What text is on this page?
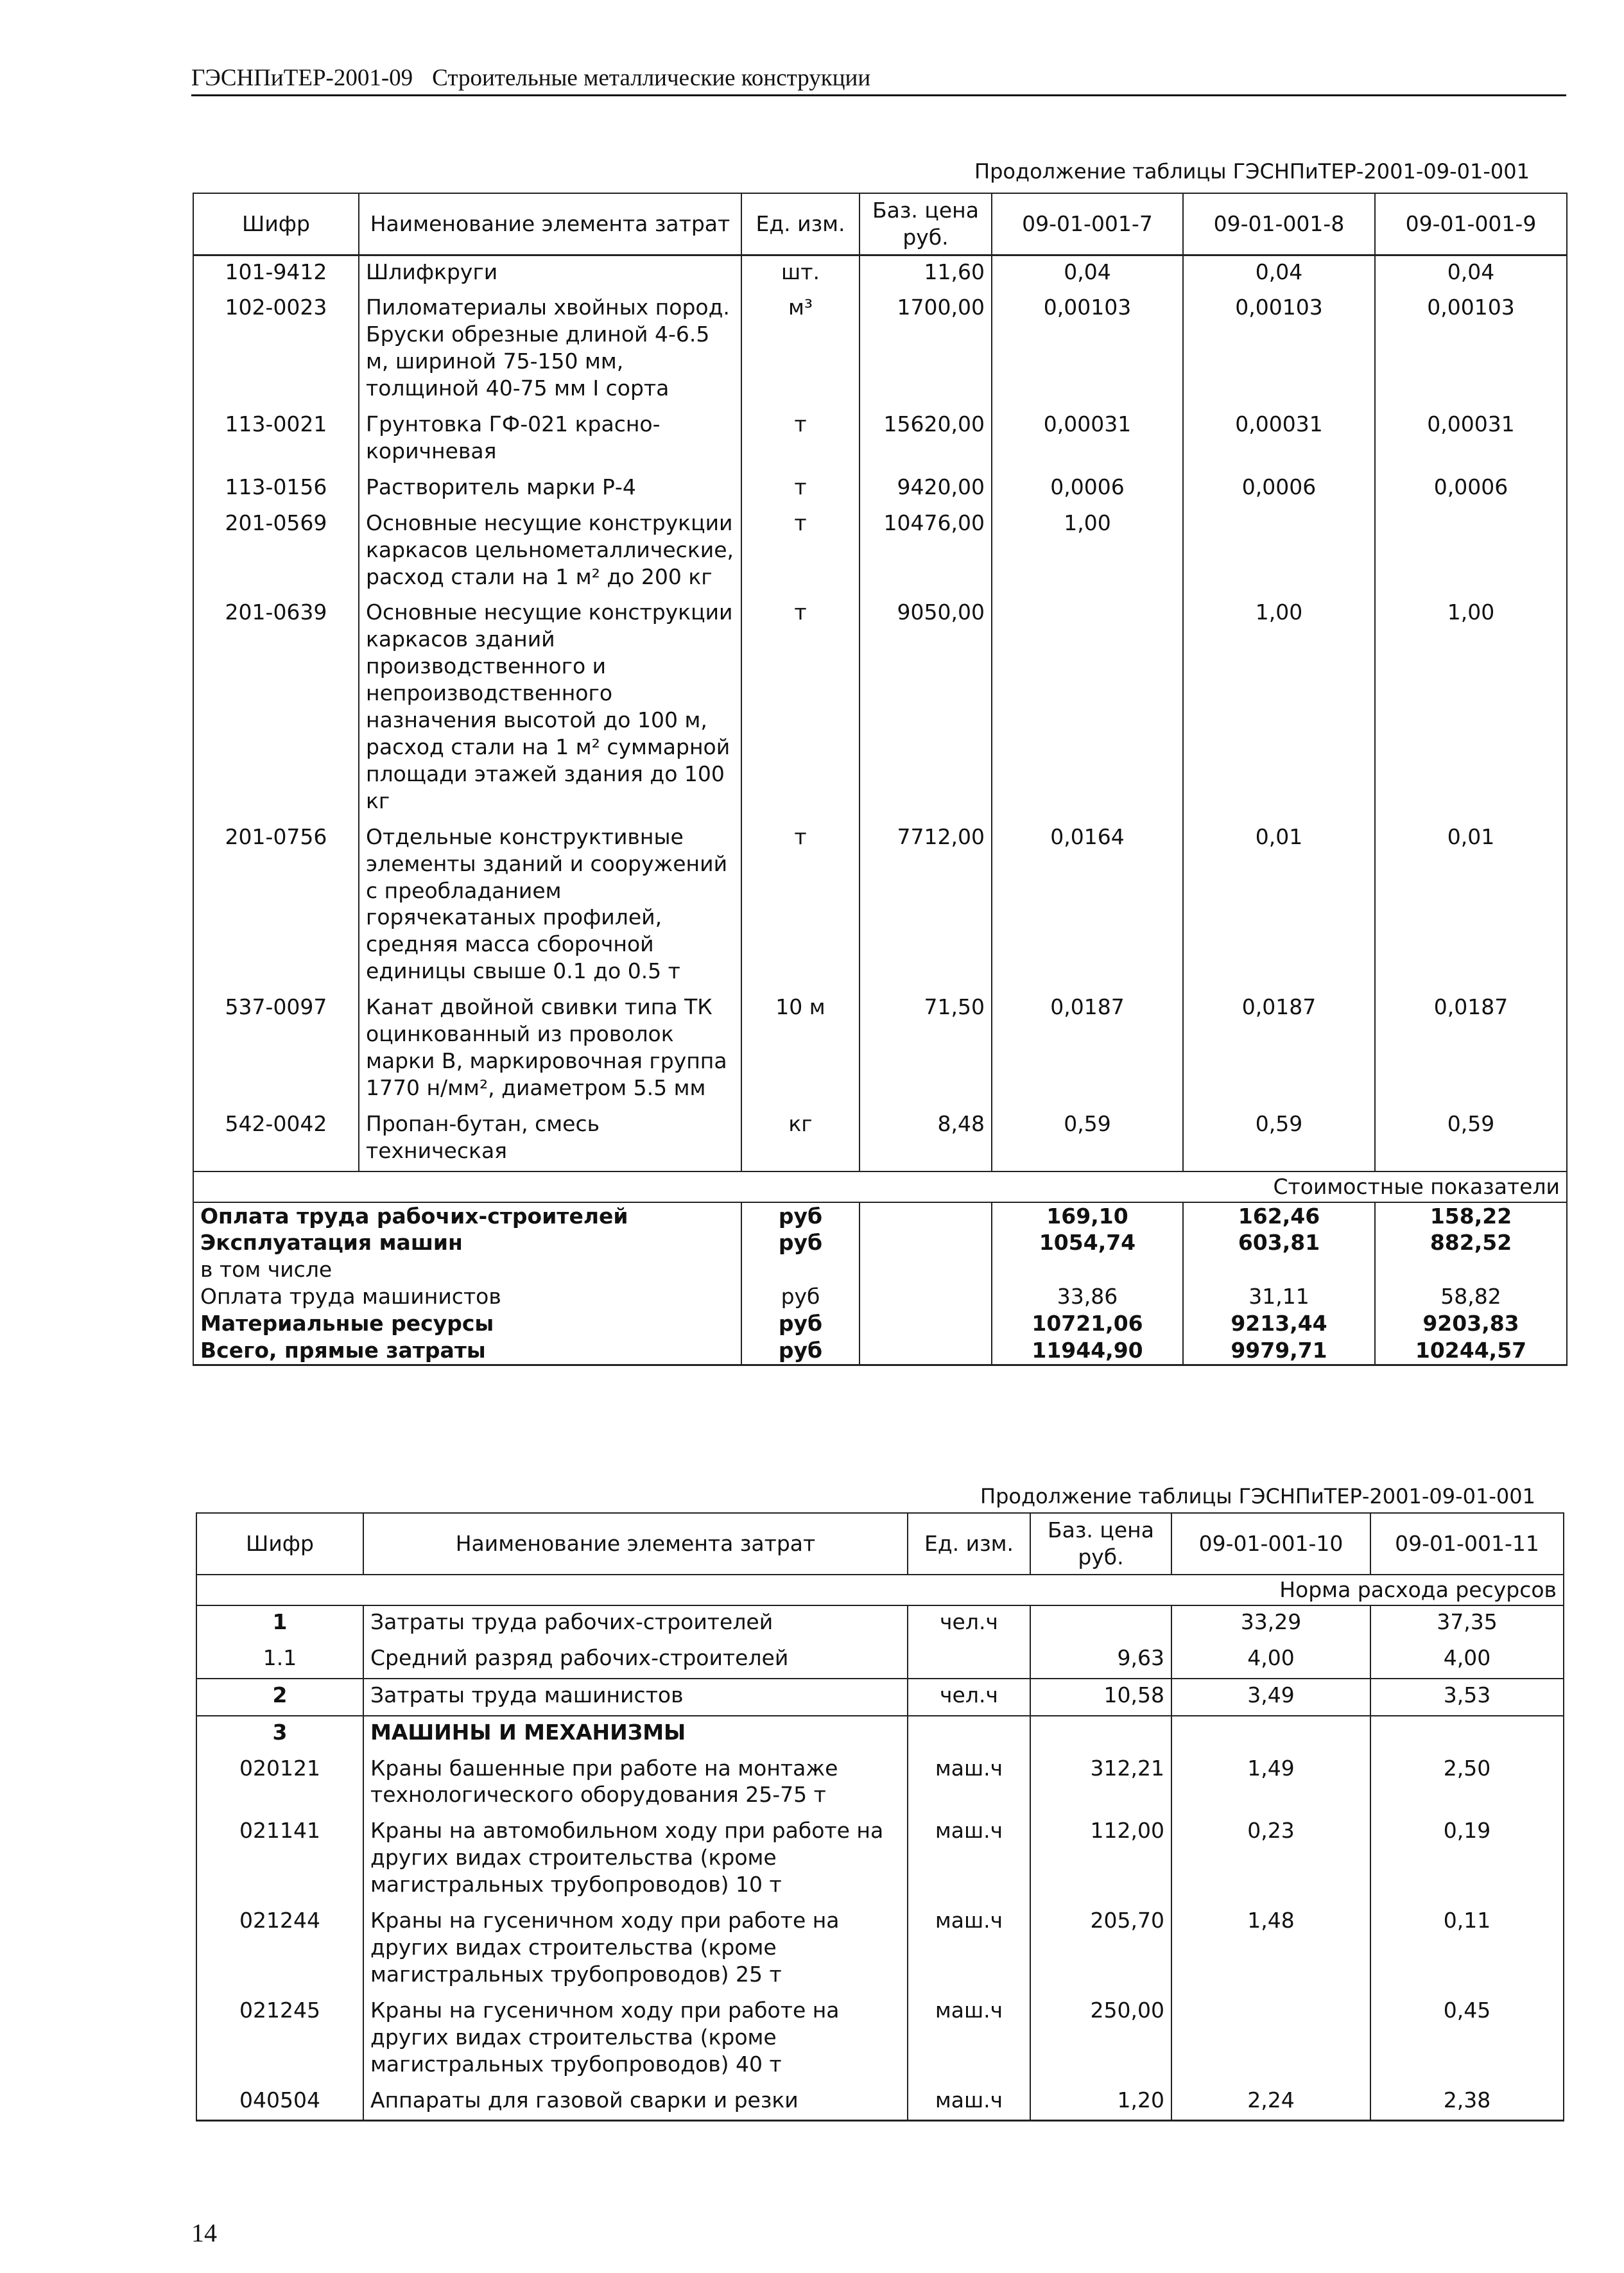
ГЭСНПиТЕР-2001-09 Строительные металлические конструкции
Продолжение таблицы ГЭСНПиТЕР-2001-09-01-001
Шифр	Наименование элемента затрат	Ед. изм.	Баз. цена руб.	09-01-001-7	09-01-001-8	09-01-001-9
101-9412	Шлифкруги	шт.	11,60	0,04	0,04	0,04
102-0023	Пиломатериалы хвойных пород. Бруски обрезные длиной 4-6.5 м, шириной 75-150 мм, толщиной 40-75 мм I сорта	м³	1700,00	0,00103	0,00103	0,00103
113-0021	Грунтовка ГФ-021 красно-коричневая	т	15620,00	0,00031	0,00031	0,00031
113-0156	Растворитель марки Р-4	т	9420,00	0,0006	0,0006	0,0006
201-0569	Основные несущие конструкции каркасов цельнометаллические, расход стали на 1 м² до 200 кг	т	10476,00	1,00		
201-0639	Основные несущие конструкции каркасов зданий производственного и непроизводственного назначения высотой до 100 м, расход стали на 1 м² суммарной площади этажей здания до 100 кг	т	9050,00		1,00	1,00
201-0756	Отдельные конструктивные элементы зданий и сооружений с преобладанием горячекатаных профилей, средняя масса сборочной единицы свыше 0.1 до 0.5 т	т	7712,00	0,0164	0,01	0,01
537-0097	Канат двойной свивки типа ТК оцинкованный из проволок марки В, маркировочная группа 1770 н/мм², диаметром 5.5 мм	10 м	71,50	0,0187	0,0187	0,0187
542-0042	Пропан-бутан, смесь техническая	кг	8,48	0,59	0,59	0,59
Стоимостные показатели						
Оплата труда рабочих-строителей		руб		169,10	162,46	158,22
Эксплуатация машин		руб		1054,74	603,81	882,52
в том числе						
Оплата труда машинистов		руб		33,86	31,11	58,82
Материальные ресурсы		руб		10721,06	9213,44	9203,83
Всего, прямые затраты		руб		11944,90	9979,71	10244,57
Продолжение таблицы ГЭСНПиТЕР-2001-09-01-001
Шифр	Наименование элемента затрат	Ед. изм.	Баз. цена руб.	09-01-001-10	09-01-001-11
Норма расхода ресурсов					
1	Затраты труда рабочих-строителей	чел.ч		33,29	37,35
1.1	Средний разряд рабочих-строителей		9,63	4,00	4,00
2	Затраты труда машинистов	чел.ч	10,58	3,49	3,53
3	МАШИНЫ И МЕХАНИЗМЫ				
020121	Краны башенные при работе на монтаже технологического оборудования 25-75 т	маш.ч	312,21	1,49	2,50
021141	Краны на автомобильном ходу при работе на других видах строительства (кроме магистральных трубопроводов) 10 т	маш.ч	112,00	0,23	0,19
021244	Краны на гусеничном ходу при работе на других видах строительства (кроме магистральных трубопроводов) 25 т	маш.ч	205,70	1,48	0,11
021245	Краны на гусеничном ходу при работе на других видах строительства (кроме магистральных трубопроводов) 40 т	маш.ч	250,00		0,45
040504	Аппараты для газовой сварки и резки	маш.ч	1,20	2,24	2,38
14
